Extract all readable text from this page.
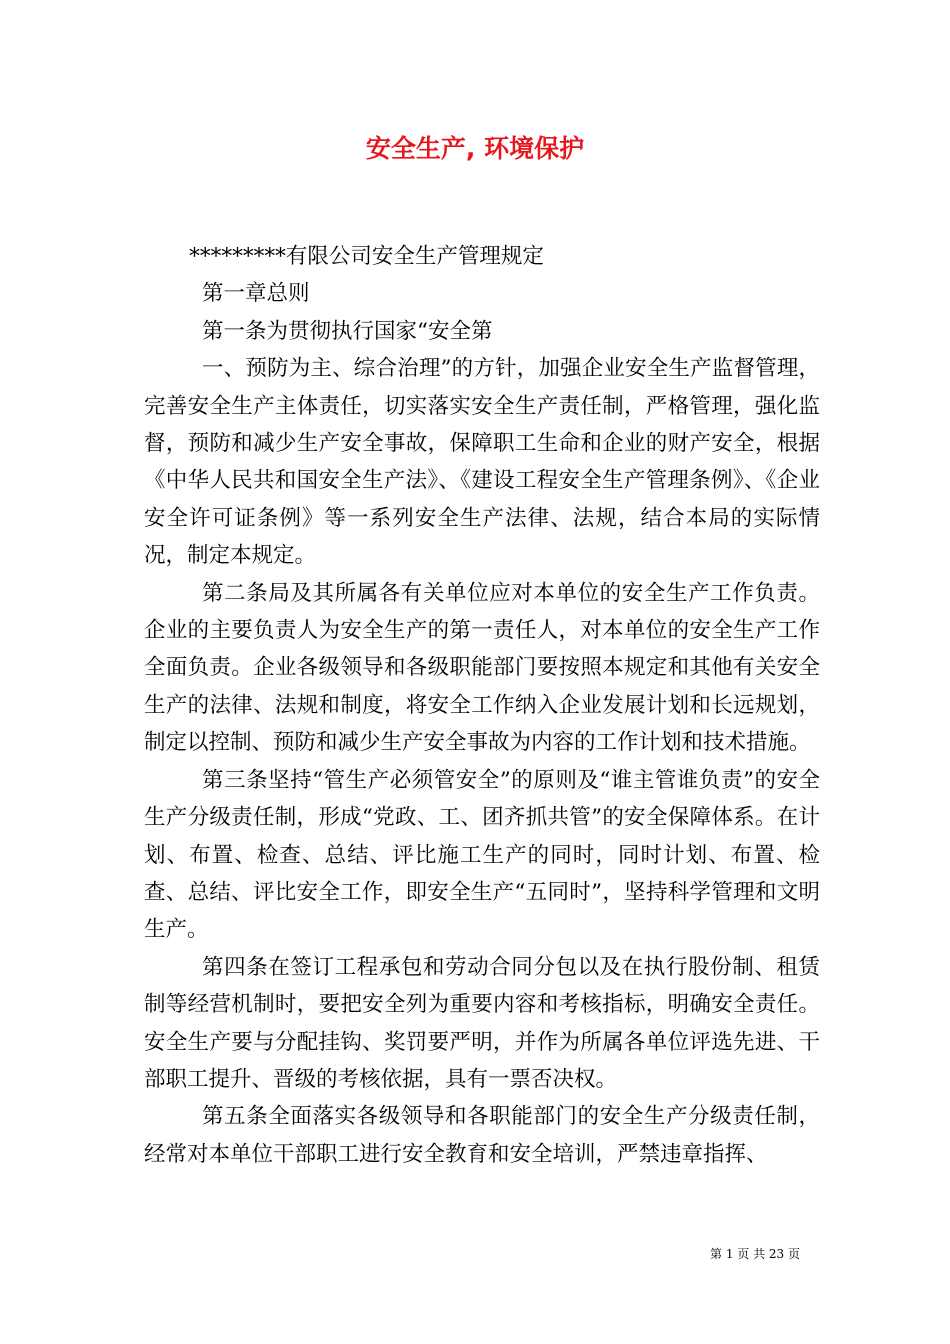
安全生产, 环境保护

*********有限公司安全生产管理规定

第一章总则

第一条为贯彻执行国家“安全第

一、预防为主、综合治理”的方针，加强企业安全生产监督管理，完善安全生产主体责任，切实落实安全生产责任制，严格管理，强化监督，预防和减少生产安全事故，保障职工生命和企业的财产安全，根据《中华人民共和国安全生产法》、《建设工程安全生产管理条例》、《企业安全许可证条例》等一系列安全生产法律、法规，结合本局的实际情况，制定本规定。

第二条局及其所属各有关单位应对本单位的安全生产工作负责。企业的主要负责人为安全生产的第一责任人，对本单位的安全生产工作全面负责。企业各级领导和各级职能部门要按照本规定和其他有关安全生产的法律、法规和制度，将安全工作纳入企业发展计划和长远规划，制定以控制、预防和减少生产安全事故为内容的工作计划和技术措施。

第三条坚持“管生产必须管安全”的原则及“谁主管谁负责”的安全生产分级责任制，形成“党政、工、团齐抓共管”的安全保障体系。在计划、布置、检查、总结、评比施工生产的同时，同时计划、布置、检查、总结、评比安全工作，即安全生产“五同时”，坚持科学管理和文明生产。

第四条在签订工程承包和劳动合同分包以及在执行股份制、租赁制等经营机制时，要把安全列为重要内容和考核指标，明确安全责任。安全生产要与分配挂钩、奖罚要严明，并作为所属各单位评选先进、干部职工提升、晋级的考核依据，具有一票否决权。

第五条全面落实各级领导和各职能部门的安全生产分级责任制，经常对本单位干部职工进行安全教育和安全培训，严禁违章指挥、

第 1 页 共 23 页
